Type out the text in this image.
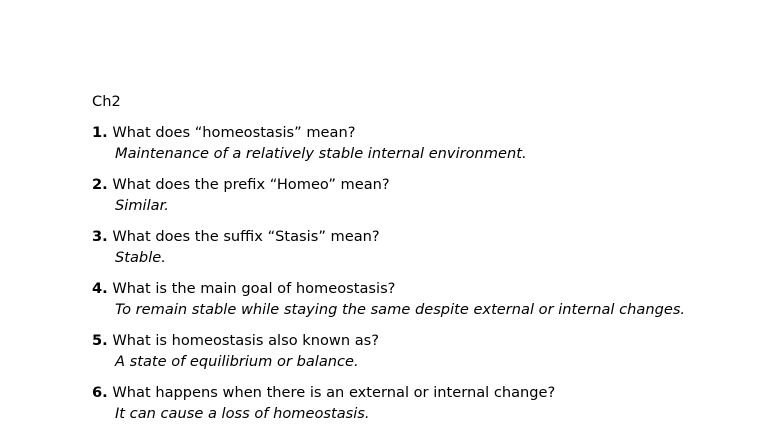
Ch2

1. What does “homeostasis” mean?

Maintenance of a relatively stable internal environment.

2. What does the prefix “Homeo” mean?

Similar.

3. What does the suffix “Stasis” mean?

Stable.

4. What is the main goal of homeostasis?

To remain stable while staying the same despite external or internal changes.

5. What is homeostasis also known as?

A state of equilibrium or balance.

6. What happens when there is an external or internal change?

It can cause a loss of homeostasis.
